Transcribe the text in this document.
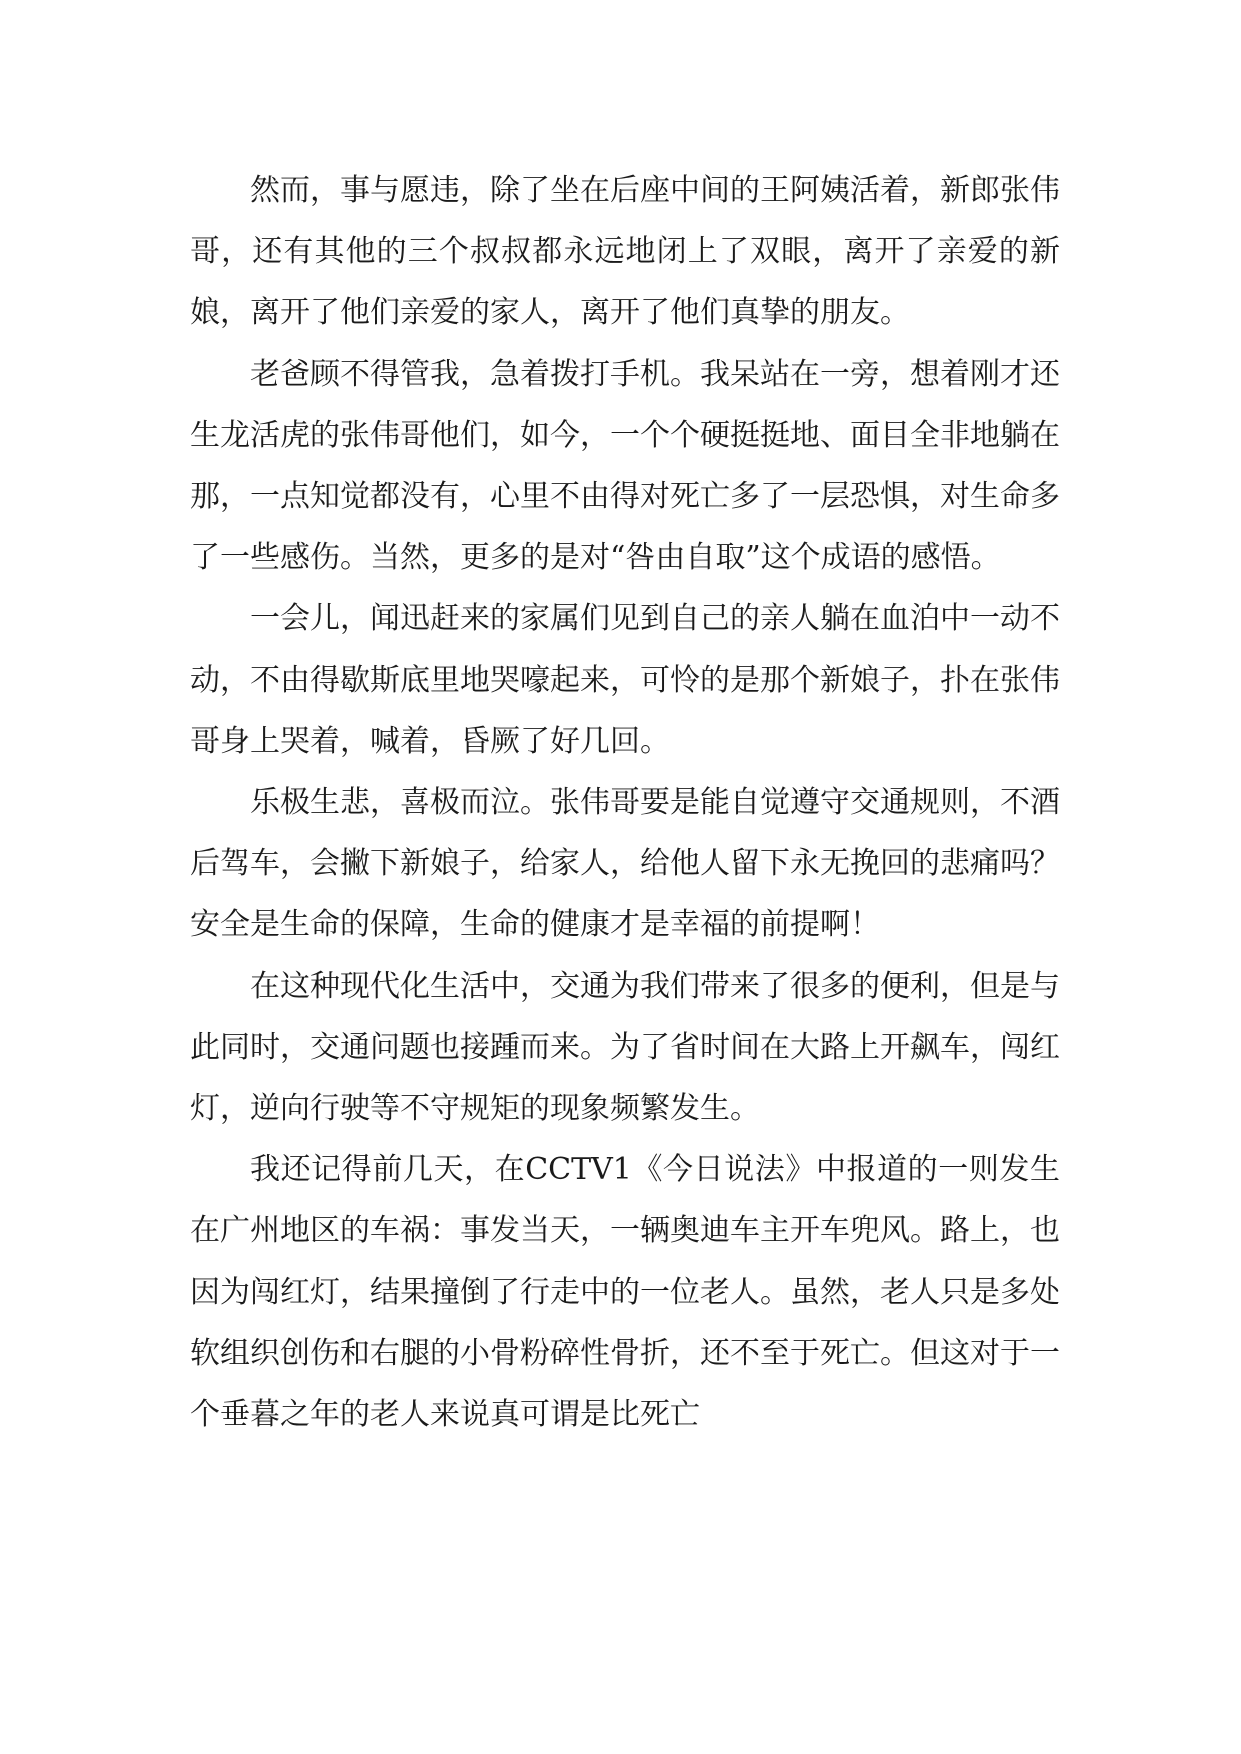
然而，事与愿违，除了坐在后座中间的王阿姨活着，新郎张伟哥，还有其他的三个叔叔都永远地闭上了双眼，离开了亲爱的新娘，离开了他们亲爱的家人，离开了他们真挚的朋友。

老爸顾不得管我，急着拨打手机。我呆站在一旁，想着刚才还生龙活虎的张伟哥他们，如今，一个个硬挺挺地、面目全非地躺在那，一点知觉都没有，心里不由得对死亡多了一层恐惧，对生命多了一些感伤。当然，更多的是对“咎由自取”这个成语的感悟。

一会儿，闻迅赶来的家属们见到自己的亲人躺在血泊中一动不动，不由得歇斯底里地哭嚎起来，可怜的是那个新娘子，扑在张伟哥身上哭着，喊着，昏厥了好几回。

乐极生悲，喜极而泣。张伟哥要是能自觉遵守交通规则，不酒后驾车，会撇下新娘子，给家人，给他人留下永无挽回的悲痛吗？安全是生命的保障，生命的健康才是幸福的前提啊！

在这种现代化生活中，交通为我们带来了很多的便利，但是与此同时，交通问题也接踵而来。为了省时间在大路上开飙车，闯红灯，逆向行驶等不守规矩的现象频繁发生。

我还记得前几天，在CCTV1《今日说法》中报道的一则发生在广州地区的车祸：事发当天，一辆奥迪车主开车兜风。路上，也因为闯红灯，结果撞倒了行走中的一位老人。虽然，老人只是多处软组织创伤和右腿的小骨粉碎性骨折，还不至于死亡。但这对于一个垂暮之年的老人来说真可谓是比死亡
